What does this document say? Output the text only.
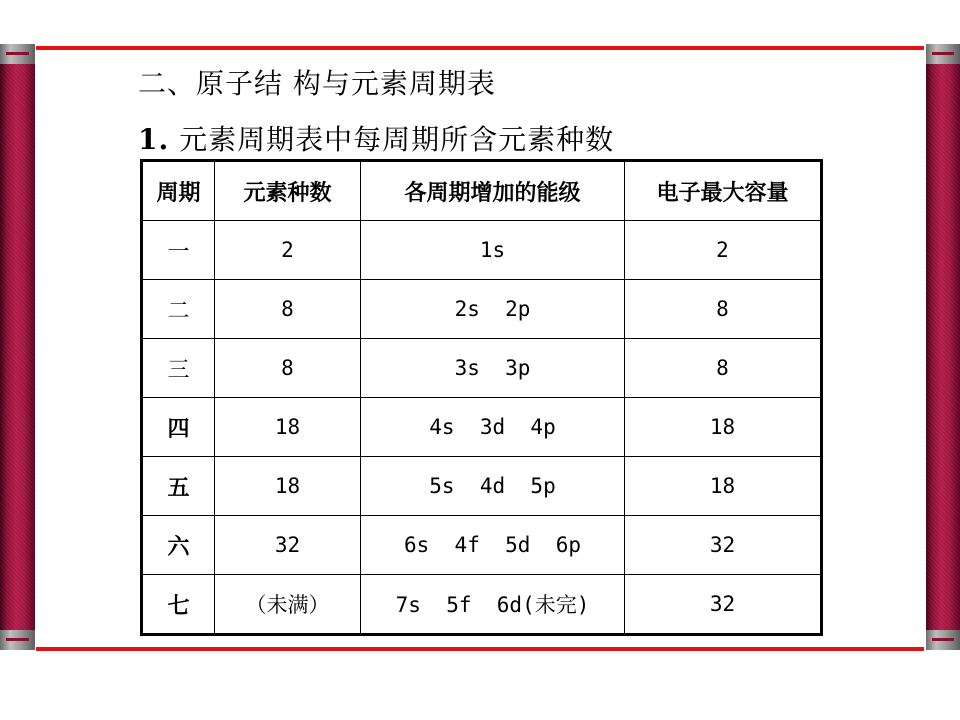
二、原子结 构与元素周期表
1. 元素周期表中每周期所含元素种数
周期	元素种数	各周期增加的能级	电子最大容量
一	2	1s	2
二	8	2s  2p	8
三	8	3s  3p	8
四	18	4s  3d  4p	18
五	18	5s  4d  5p	18
六	32	6s  4f  5d  6p	32
七	（未满）	7s  5f  6d(未完)	32
